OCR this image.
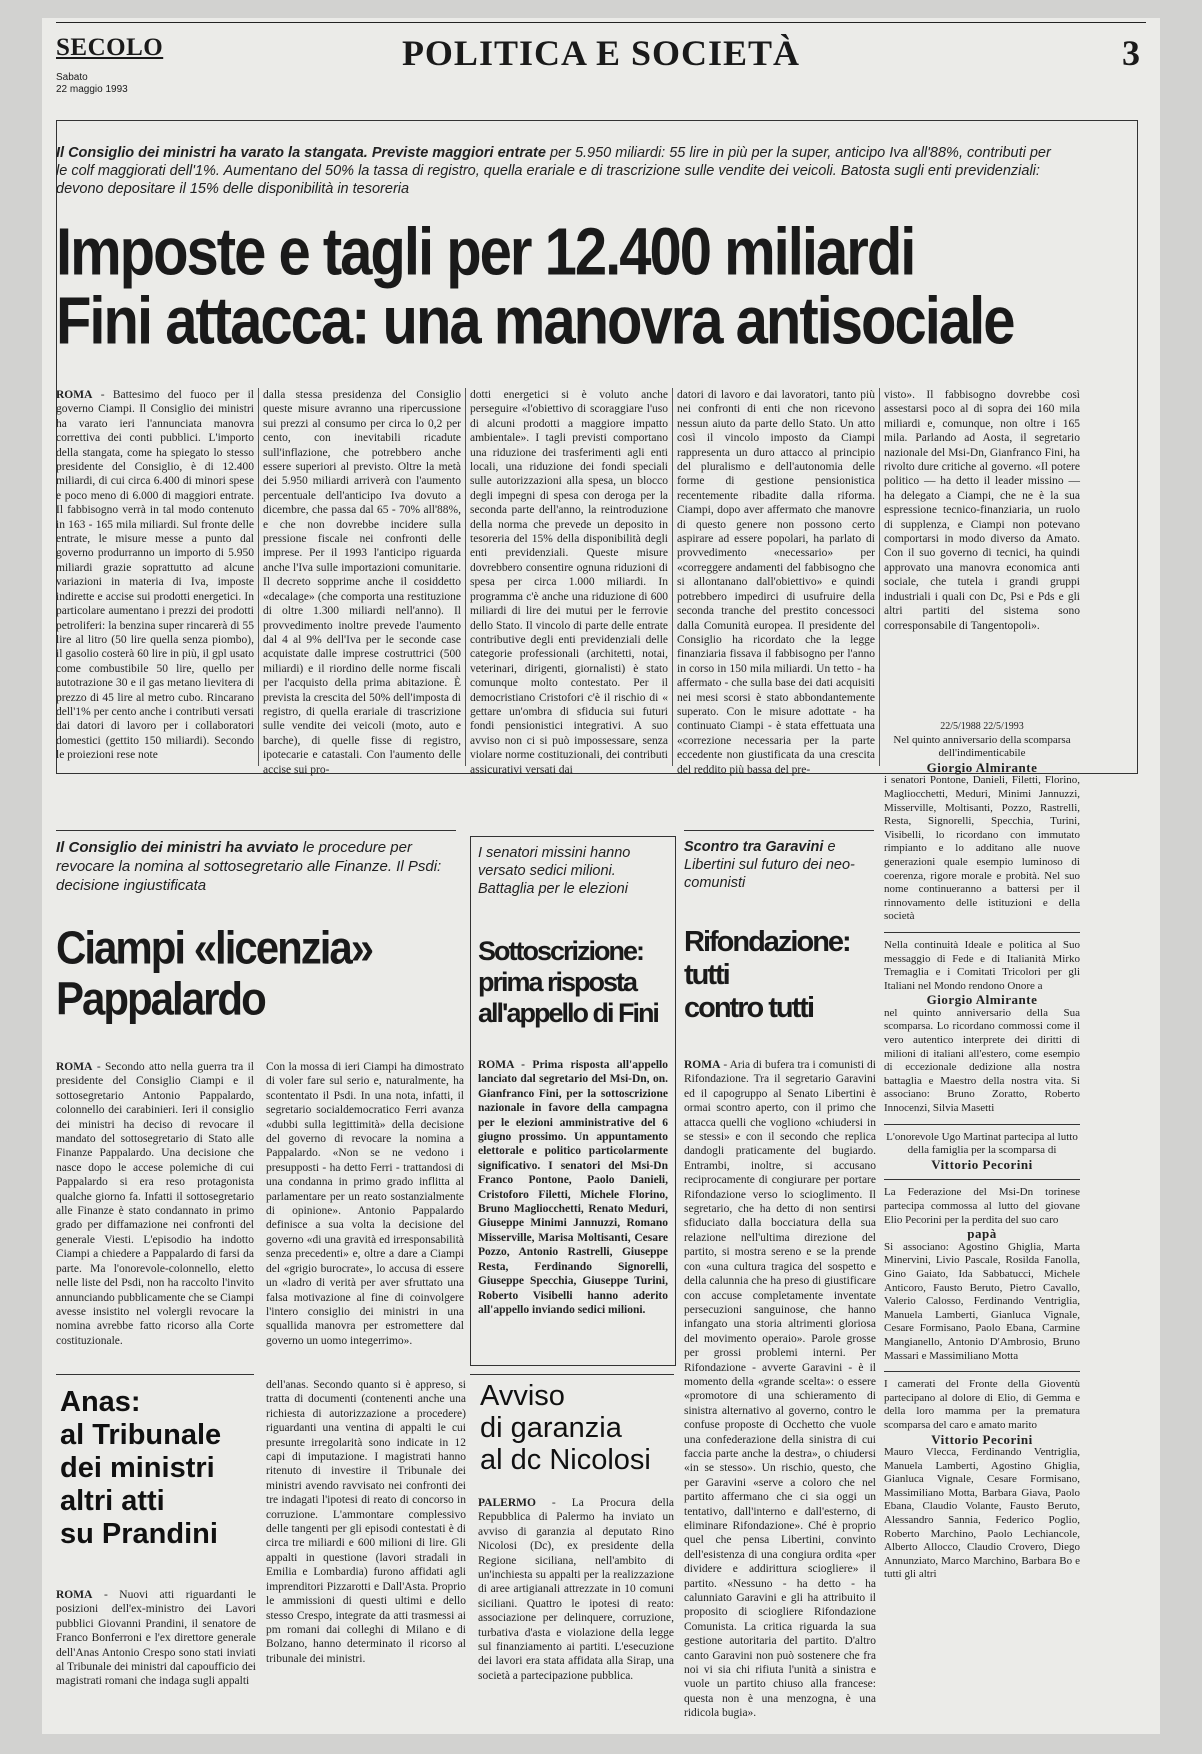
SECOLO
Sabato
22 maggio 1993
POLITICA E SOCIETÀ	3
Il Consiglio dei ministri ha varato la stangata. Previste maggiori entrate per 5.950 miliardi: 55 lire in più per la super, anticipo Iva all'88%, contributi per le colf maggiorati dell'1%. Aumentano del 50% la tassa di registro, quella erariale e di trascrizione sulle vendite dei veicoli. Batosta sugli enti previdenziali: devono depositare il 15% delle disponibilità in tesoreria
Imposte e tagli per 12.400 miliardi
Fini attacca: una manovra antisociale
ROMA - Battesimo del fuoco per il governo Ciampi. Il Consiglio dei ministri ha varato ieri l'annunciata manovra correttiva dei conti pubblici. L'importo della stangata, come ha spiegato lo stesso presidente del Consiglio, è di 12.400 miliardi, di cui circa 6.400 di minori spese e poco meno di 6.000 di maggiori entrate. Il fabbisogno verrà in tal modo contenuto in 163 - 165 mila miliardi. Sul fronte delle entrate, le misure messe a punto dal governo produrranno un importo di 5.950 miliardi grazie soprattutto ad alcune variazioni in materia di Iva, imposte indirette e accise sui prodotti energetici. In particolare aumentano i prezzi dei prodotti petroliferi: la benzina super rincarerà di 55 lire al litro (50 lire quella senza piombo), il gasolio costerà 60 lire in più, il gpl usato come combustibile 50 lire, quello per autotrazione 30 e il gas metano lievitera di prezzo di 45 lire al metro cubo. Rincarano dell'1% per cento anche i contributi versati dai datori di lavoro per i collaboratori domestici (gettito 150 miliardi). Secondo le proiezioni rese note
dalla stessa presidenza del Consiglio queste misure avranno una ripercussione sui prezzi al consumo per circa lo 0,2 per cento, con inevitabili ricadute sull'inflazione, che potrebbero anche essere superiori al previsto. Oltre la metà dei 5.950 miliardi arriverà con l'aumento percentuale dell'anticipo Iva dovuto a dicembre, che passa dal 65 - 70% all'88%, e che non dovrebbe incidere sulla pressione fiscale nei confronti delle imprese. Per il 1993 l'anticipo riguarda anche l'Iva sulle importazioni comunitarie. Il decreto sopprime anche il cosiddetto «decalage» (che comporta una restituzione di oltre 1.300 miliardi nell'anno). Il provvedimento inoltre prevede l'aumento dal 4 al 9% dell'Iva per le seconde case acquistate dalle imprese costruttrici (500 miliardi) e il riordino delle norme fiscali per l'acquisto della prima abitazione. È prevista la crescita del 50% dell'imposta di registro, di quella erariale di trascrizione sulle vendite dei veicoli (moto, auto e barche), di quelle fisse di registro, ipotecarie e catastali. Con l'aumento delle accise sui pro-
dotti energetici si è voluto anche perseguire «l'obiettivo di scoraggiare l'uso di alcuni prodotti a maggiore impatto ambientale». I tagli previsti comportano una riduzione dei trasferimenti agli enti locali, una riduzione dei fondi speciali sulle autorizzazioni alla spesa, un blocco degli impegni di spesa con deroga per la seconda parte dell'anno, la reintroduzione della norma che prevede un deposito in tesoreria del 15% della disponibilità degli enti previdenziali. Queste misure dovrebbero consentire ognuna riduzioni di spesa per circa 1.000 miliardi. In programma c'è anche una riduzione di 600 miliardi di lire dei mutui per le ferrovie dello Stato. Il vincolo di parte delle entrate contributive degli enti previdenziali delle categorie professionali (architetti, notai, veterinari, dirigenti, giornalisti) è stato comunque molto contestato. Per il democristiano Cristofori c'è il rischio di « gettare un'ombra di sfiducia sui futuri fondi pensionistici integrativi. A suo avviso non ci si può impossessare, senza violare norme costituzionali, dei contributi assicurativi versati dai
datori di lavoro e dai lavoratori, tanto più nei confronti di enti che non ricevono nessun aiuto da parte dello Stato. Un atto così il vincolo imposto da Ciampi rappresenta un duro attacco al principio del pluralismo e dell'autonomia delle forme di gestione pensionistica recentemente ribadite dalla riforma. Ciampi, dopo aver affermato che manovre di questo genere non possono certo aspirare ad essere popolari, ha parlato di provvedimento «necessario» per «correggere andamenti del fabbisogno che si allontanano dall'obiettivo» e quindi potrebbero impedirci di usufruire della seconda tranche del prestito concessoci dalla Comunità europea. Il presidente del Consiglio ha ricordato che la legge finanziaria fissava il fabbisogno per l'anno in corso in 150 mila miliardi. Un tetto - ha affermato - che sulla base dei dati acquisiti nei mesi scorsi è stato abbondantemente superato. Con le misure adottate - ha continuato Ciampi - è stata effettuata una «correzione necessaria per la parte eccedente non giustificata da una crescita del reddito più bassa del pre-
visto». Il fabbisogno dovrebbe così assestarsi poco al di sopra dei 160 mila miliardi e, comunque, non oltre i 165 mila. Parlando ad Aosta, il segretario nazionale del Msi-Dn, Gianfranco Fini, ha rivolto dure critiche al governo. «Il potere politico — ha detto il leader missino — ha delegato a Ciampi, che ne è la sua espressione tecnico-finanziaria, un ruolo di supplenza, e Ciampi non potevano comportarsi in modo diverso da Amato. Con il suo governo di tecnici, ha quindi approvato una manovra economica anti sociale, che tutela i grandi gruppi industriali i quali con Dc, Psi e Pds e gli altri partiti del sistema sono corresponsabile di Tangentopoli».
22/5/1988 22/5/1993
Nel quinto anniversario della scomparsa dell'indimenticabile
Giorgio Almirante
i senatori Pontone, Danieli, Filetti, Florino, Magliocchetti, Meduri, Minimi Jannuzzi, Misserville, Moltisanti, Pozzo, Rastrelli, Resta, Signorelli, Specchia, Turini, Visibelli, lo ricordano con immutato rimpianto e lo additano alle nuove generazioni quale esempio luminoso di coerenza, rigore morale e probità. Nel suo nome continueranno a battersi per il rinnovamento delle istituzioni e della società
Nella continuità Ideale e politica al Suo messaggio di Fede e di Italianità Mirko Tremaglia e i Comitati Tricolori per gli Italiani nel Mondo rendono Onore a
Giorgio Almirante
nel quinto anniversario della Sua scomparsa. Lo ricordano commossi come il vero autentico interprete dei diritti di milioni di italiani all'estero, come esempio di eccezionale dedizione alla nostra battaglia e Maestro della nostra vita. Si associano: Bruno Zoratto, Roberto Innocenzi, Silvia Masetti
L'onorevole Ugo Martinat partecipa al lutto della famiglia per la scomparsa di
Vittorio Pecorini
La Federazione del Msi-Dn torinese partecipa commossa al lutto del giovane Elio Pecorini per la perdita del suo caro
papà
Si associano: Agostino Ghiglia, Marta Minervini, Livio Pascale, Rosilda Fanolla, Gino Gaiato, Ida Sabbatucci, Michele Anticoro, Fausto Beruto, Pietro Cavallo, Valerio Calosso, Ferdinando Ventriglia, Manuela Lamberti, Gianluca Vignale, Cesare Formisano, Paolo Ebana, Carmine Mangianello, Antonio D'Ambrosio, Bruno Massari e Massimiliano Motta
I camerati del Fronte della Gioventù partecipano al dolore di Elio, di Gemma e della loro mamma per la prematura scomparsa del caro e amato marito
Vittorio Pecorini
Mauro Vlecca, Ferdinando Ventriglia, Manuela Lamberti, Agostino Ghiglia, Gianluca Vignale, Cesare Formisano, Massimiliano Motta, Barbara Giava, Paolo Ebana, Claudio Volante, Fausto Beruto, Alessandro Sannia, Federico Poglio, Roberto Marchino, Paolo Lechiancole, Alberto Allocco, Claudio Crovero, Diego Annunziato, Marco Marchino, Barbara Bo e tutti gli altri
Il Consiglio dei ministri ha avviato le procedure per revocare la nomina al sottosegretario alle Finanze. Il Psdi: decisione ingiustificata
Ciampi «licenzia»
Pappalardo
ROMA - Secondo atto nella guerra tra il presidente del Consiglio Ciampi e il sottosegretario Antonio Pappalardo, colonnello dei carabinieri. Ieri il consiglio dei ministri ha deciso di revocare il mandato del sottosegretario di Stato alle Finanze Pappalardo. Una decisione che nasce dopo le accese polemiche di cui Pappalardo si era reso protagonista qualche giorno fa. Infatti il sottosegretario alle Finanze è stato condannato in primo grado per diffamazione nei confronti del generale Viesti. L'episodio ha indotto Ciampi a chiedere a Pappalardo di farsi da parte. Ma l'onorevole-colonnello, eletto nelle liste del Psdi, non ha raccolto l'invito annunciando pubblicamente che se Ciampi avesse insistito nel volergli revocare la nomina avrebbe fatto ricorso alla Corte costituzionale.
Con la mossa di ieri Ciampi ha dimostrato di voler fare sul serio e, naturalmente, ha scontentato il Psdi. In una nota, infatti, il segretario socialdemocratico Ferri avanza «dubbi sulla legittimità» della decisione del governo di revocare la nomina a Pappalardo. «Non se ne vedono i presupposti - ha detto Ferri - trattandosi di una condanna in primo grado inflitta al parlamentare per un reato sostanzialmente di opinione». Antonio Pappalardo definisce a sua volta la decisione del governo «di una gravità ed irresponsabilità senza precedenti» e, oltre a dare a Ciampi del «grigio burocrate», lo accusa di essere un «ladro di verità per aver sfruttato una falsa motivazione al fine di coinvolgere l'intero consiglio dei ministri in una squallida manovra per estromettere dal governo un uomo integerrimo».
I senatori missini hanno versato sedici milioni. Battaglia per le elezioni
Sottoscrizione:
prima risposta
all'appello di Fini
ROMA - Prima risposta all'appello lanciato dal segretario del Msi-Dn, on. Gianfranco Fini, per la sottoscrizione nazionale in favore della campagna per le elezioni amministrative del 6 giugno prossimo. Un appuntamento elettorale e politico particolarmente significativo. I senatori del Msi-Dn Franco Pontone, Paolo Danieli, Cristoforo Filetti, Michele Florino, Bruno Magliocchetti, Renato Meduri, Giuseppe Minimi Jannuzzi, Romano Misserville, Marisa Moltisanti, Cesare Pozzo, Antonio Rastrelli, Giuseppe Resta, Ferdinando Signorelli, Giuseppe Specchia, Giuseppe Turini, Roberto Visibelli hanno aderito all'appello inviando sedici milioni.
Scontro tra Garavini e Libertini sul futuro dei neo-comunisti
Rifondazione:
tutti
contro tutti
ROMA - Aria di bufera tra i comunisti di Rifondazione. Tra il segretario Garavini ed il capogruppo al Senato Libertini è ormai scontro aperto, con il primo che attacca quelli che vogliono «chiudersi in se stessi» e con il secondo che replica dandogli praticamente del bugiardo. Entrambi, inoltre, si accusano reciprocamente di congiurare per portare Rifondazione verso lo scioglimento. Il segretario, che ha detto di non sentirsi sfiduciato dalla bocciatura della sua relazione nell'ultima direzione del partito, si mostra sereno e se la prende con «una cultura tragica del sospetto e della calunnia che ha preso di giustificare con accuse completamente inventate persecuzioni sanguinose, che hanno infangato una storia altrimenti gloriosa del movimento operaio». Parole grosse per grossi problemi interni. Per Rifondazione - avverte Garavini - è il momento della «grande scelta»: o essere «promotore di una schieramento di sinistra alternativo al governo, contro le confuse proposte di Occhetto che vuole una confederazione della sinistra di cui faccia parte anche la destra», o chiudersi «in se stesso». Un rischio, questo, che per Garavini «serve a coloro che nel partito affermano che ci sia oggi un tentativo, dall'interno e dall'esterno, di eliminare Rifondazione». Ché è proprio quel che pensa Libertini, convinto dell'esistenza di una congiura ordita «per dividere e addirittura sciogliere» il partito. «Nessuno - ha detto - ha calunniato Garavini e gli ha attribuito il proposito di sciogliere Rifondazione Comunista. La critica riguarda la sua gestione autoritaria del partito. D'altro canto Garavini non può sostenere che fra noi vi sia chi rifiuta l'unità a sinistra e vuole un partito chiuso alla francese: questa non è una menzogna, è una ridicola bugia».
Anas:
al Tribunale
dei ministri
altri atti
su Prandini
ROMA - Nuovi atti riguardanti le posizioni dell'ex-ministro dei Lavori pubblici Giovanni Prandini, il senatore de Franco Bonferroni e l'ex direttore generale dell'Anas Antonio Crespo sono stati inviati al Tribunale dei ministri dal capoufficio dei magistrati romani che indaga sugli appalti
dell'anas. Secondo quanto si è appreso, si tratta di documenti (contenenti anche una richiesta di autorizzazione a procedere) riguardanti una ventina di appalti le cui presunte irregolarità sono indicate in 12 capi di imputazione. I magistrati hanno ritenuto di investire il Tribunale dei ministri avendo ravvisato nei confronti dei tre indagati l'ipotesi di reato di concorso in corruzione. L'ammontare complessivo delle tangenti per gli episodi contestati è di circa tre miliardi e 600 milioni di lire. Gli appalti in questione (lavori stradali in Emilia e Lombardia) furono affidati agli imprenditori Pizzarotti e Dall'Asta. Proprio le ammissioni di questi ultimi e dello stesso Crespo, integrate da atti trasmessi ai pm romani dai colleghi di Milano e di Bolzano, hanno determinato il ricorso al tribunale dei ministri.
Avviso
di garanzia
al dc Nicolosi
PALERMO - La Procura della Repubblica di Palermo ha inviato un avviso di garanzia al deputato Rino Nicolosi (Dc), ex presidente della Regione siciliana, nell'ambito di un'inchiesta su appalti per la realizzazione di aree artigianali attrezzate in 10 comuni siciliani. Quattro le ipotesi di reato: associazione per delinquere, corruzione, turbativa d'asta e violazione della legge sul finanziamento ai partiti. L'esecuzione dei lavori era stata affidata alla Sirap, una società a partecipazione pubblica.
